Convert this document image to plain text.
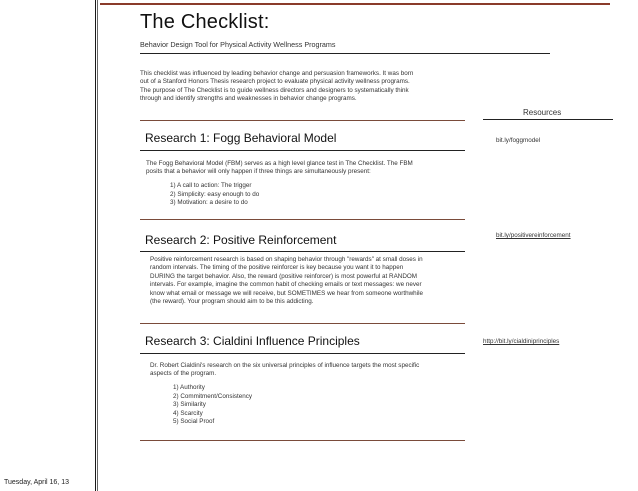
The Checklist:
Behavior Design Tool for Physical Activity Wellness Programs
This checklist was influenced by leading behavior change and persuasion frameworks. It was born
out of a Stanford Honors Thesis research project to evaluate physical activity wellness programs.
The purpose of The Checklist is to guide wellness directors and designers to systematically think
through and identify strengths and weaknesses in behavior change programs.
Resources
Research 1: Fogg Behavioral Model	bit.ly/foggmodel
The Fogg Behavioral Model (FBM) serves as a high level glance test in The Checklist. The FBM
posits that a behavior will only happen if three things are simultaneously present:
1) A call to action: The trigger
2) Simplicity: easy enough to do
3) Motivation: a desire to do
Research 2: Positive Reinforcement	bit.ly/positivereinforcement
Positive reinforcement research is based on shaping behavior through "rewards" at small doses in
random intervals. The timing of the positive reinforcer is key because you want it to happen
DURING the target behavior. Also, the reward (positive reinforcer) is most powerful at RANDOM
intervals. For example, imagine the common habit of checking emails or text messages: we never
know what email or message we will receive, but SOMETIMES we hear from someone worthwhile
(the reward). Your program should aim to be this addicting.
Research 3: Cialdini Influence Principles	http://bit.ly/cialdiniprinciples
Dr. Robert Cialdini's research on the six universal principles of influence targets the most specific
aspects of the program.
1) Authority
2) Commitment/Consistency
3) Similarity
4) Scarcity
5) Social Proof
Tuesday, April 16, 13
